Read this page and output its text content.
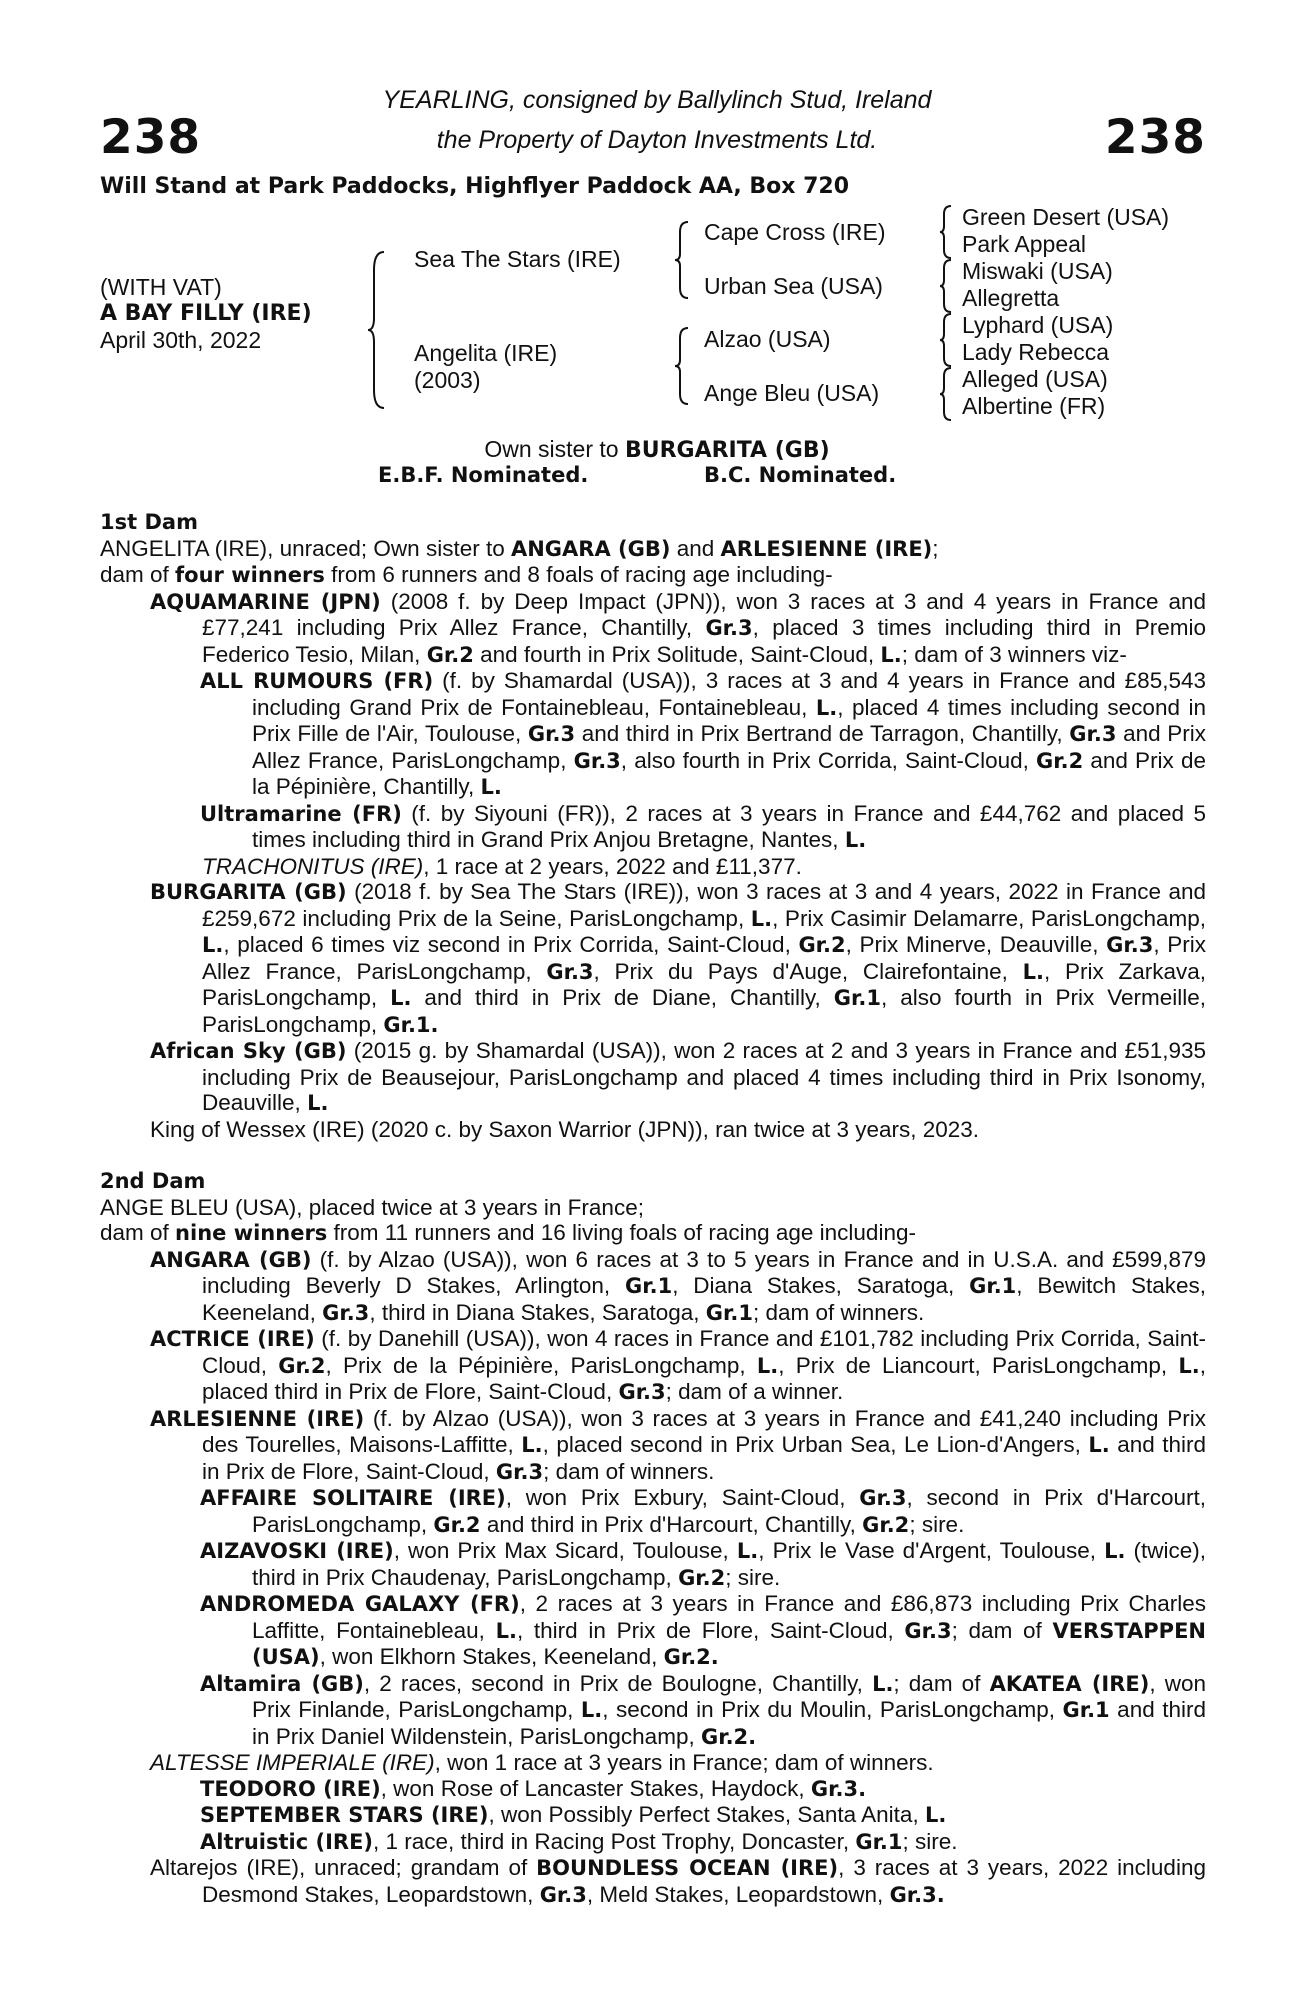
238	238
YEARLING, consigned by Ballylinch Stud, Ireland
the Property of Dayton Investments Ltd.
Will Stand at Park Paddocks, Highflyer Paddock AA, Box 720
(WITH VAT)
A BAY FILLY (IRE)
April 30th, 2022
Sea The Stars (IRE)
Angelita (IRE)
(2003)
Cape Cross (IRE)
Urban Sea (USA)
Alzao (USA)
Ange Bleu (USA)
Green Desert (USA)
Park Appeal
Miswaki (USA)
Allegretta
Lyphard (USA)
Lady Rebecca
Alleged (USA)
Albertine (FR)
Own sister to BURGARITA (GB)
E.B.F. Nominated.	B.C. Nominated.

1st Dam

ANGELITA (IRE), unraced; Own sister to ANGARA (GB) and ARLESIENNE (IRE);

dam of four winners from 6 runners and 8 foals of racing age including-

AQUAMARINE (JPN) (2008 f. by Deep Impact (JPN)), won 3 races at 3 and 4 years in France and £77,241 including Prix Allez France, Chantilly, Gr.3, placed 3 times including third in Premio Federico Tesio, Milan, Gr.2 and fourth in Prix Solitude, Saint-Cloud, L.; dam of 3 winners viz-

ALL RUMOURS (FR) (f. by Shamardal (USA)), 3 races at 3 and 4 years in France and £85,543 including Grand Prix de Fontainebleau, Fontainebleau, L., placed 4 times including second in Prix Fille de l'Air, Toulouse, Gr.3 and third in Prix Bertrand de Tarragon, Chantilly, Gr.3 and Prix Allez France, ParisLongchamp, Gr.3, also fourth in Prix Corrida, Saint-Cloud, Gr.2 and Prix de la Pépinière, Chantilly, L.

Ultramarine (FR) (f. by Siyouni (FR)), 2 races at 3 years in France and £44,762 and placed 5 times including third in Grand Prix Anjou Bretagne, Nantes, L.

TRACHONITUS (IRE), 1 race at 2 years, 2022 and £11,377.

BURGARITA (GB) (2018 f. by Sea The Stars (IRE)), won 3 races at 3 and 4 years, 2022 in France and £259,672 including Prix de la Seine, ParisLongchamp, L., Prix Casimir Delamarre, ParisLongchamp, L., placed 6 times viz second in Prix Corrida, Saint-Cloud, Gr.2, Prix Minerve, Deauville, Gr.3, Prix Allez France, ParisLongchamp, Gr.3, Prix du Pays d'Auge, Clairefontaine, L., Prix Zarkava, ParisLongchamp, L. and third in Prix de Diane, Chantilly, Gr.1, also fourth in Prix Vermeille, ParisLongchamp, Gr.1.

African Sky (GB) (2015 g. by Shamardal (USA)), won 2 races at 2 and 3 years in France and £51,935 including Prix de Beausejour, ParisLongchamp and placed 4 times including third in Prix Isonomy, Deauville, L.

King of Wessex (IRE) (2020 c. by Saxon Warrior (JPN)), ran twice at 3 years, 2023.

2nd Dam

ANGE BLEU (USA), placed twice at 3 years in France;

dam of nine winners from 11 runners and 16 living foals of racing age including-

ANGARA (GB) (f. by Alzao (USA)), won 6 races at 3 to 5 years in France and in U.S.A. and £599,879 including Beverly D Stakes, Arlington, Gr.1, Diana Stakes, Saratoga, Gr.1, Bewitch Stakes, Keeneland, Gr.3, third in Diana Stakes, Saratoga, Gr.1; dam of winners.

ACTRICE (IRE) (f. by Danehill (USA)), won 4 races in France and £101,782 including Prix Corrida, Saint-Cloud, Gr.2, Prix de la Pépinière, ParisLongchamp, L., Prix de Liancourt, ParisLongchamp, L., placed third in Prix de Flore, Saint-Cloud, Gr.3; dam of a winner.

ARLESIENNE (IRE) (f. by Alzao (USA)), won 3 races at 3 years in France and £41,240 including Prix des Tourelles, Maisons-Laffitte, L., placed second in Prix Urban Sea, Le Lion-d'Angers, L. and third in Prix de Flore, Saint-Cloud, Gr.3; dam of winners.

AFFAIRE SOLITAIRE (IRE), won Prix Exbury, Saint-Cloud, Gr.3, second in Prix d'Harcourt, ParisLongchamp, Gr.2 and third in Prix d'Harcourt, Chantilly, Gr.2; sire.

AIZAVOSKI (IRE), won Prix Max Sicard, Toulouse, L., Prix le Vase d'Argent, Toulouse, L. (twice), third in Prix Chaudenay, ParisLongchamp, Gr.2; sire.

ANDROMEDA GALAXY (FR), 2 races at 3 years in France and £86,873 including Prix Charles Laffitte, Fontainebleau, L., third in Prix de Flore, Saint-Cloud, Gr.3; dam of VERSTAPPEN (USA), won Elkhorn Stakes, Keeneland, Gr.2.

Altamira (GB), 2 races, second in Prix de Boulogne, Chantilly, L.; dam of AKATEA (IRE), won Prix Finlande, ParisLongchamp, L., second in Prix du Moulin, ParisLongchamp, Gr.1 and third in Prix Daniel Wildenstein, ParisLongchamp, Gr.2.

ALTESSE IMPERIALE (IRE), won 1 race at 3 years in France; dam of winners.

TEODORO (IRE), won Rose of Lancaster Stakes, Haydock, Gr.3.

SEPTEMBER STARS (IRE), won Possibly Perfect Stakes, Santa Anita, L.

Altruistic (IRE), 1 race, third in Racing Post Trophy, Doncaster, Gr.1; sire.

Altarejos (IRE), unraced; grandam of BOUNDLESS OCEAN (IRE), 3 races at 3 years, 2022 including Desmond Stakes, Leopardstown, Gr.3, Meld Stakes, Leopardstown, Gr.3.
